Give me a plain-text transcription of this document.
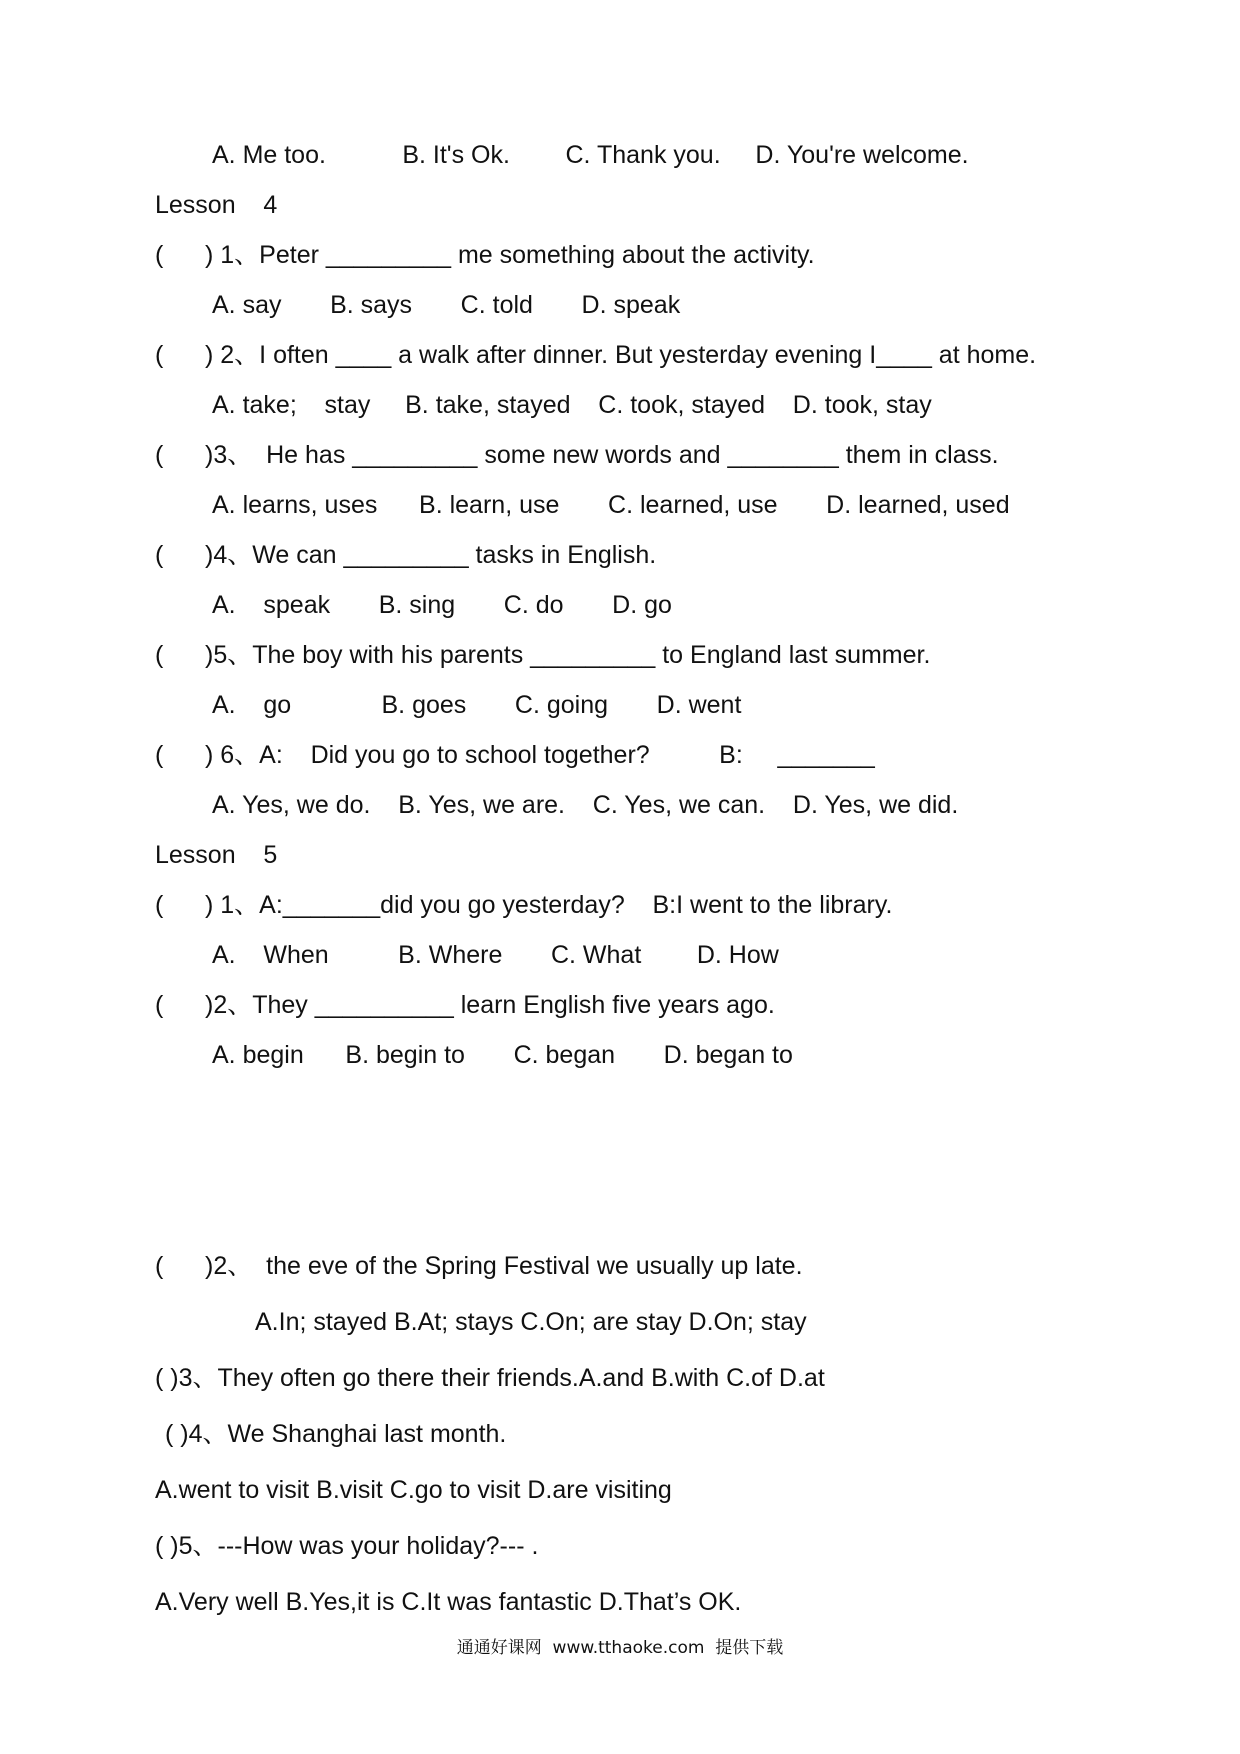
A. Me too.           B. It's Ok.        C. Thank you.     D. You're welcome.
Lesson    4
(      ) 1、Peter _________ me something about the activity.
A. say       B. says       C. told       D. speak
(      ) 2、I often ____ a walk after dinner. But yesterday evening I____ at home.
A. take;    stay     B. take, stayed    C. took, stayed    D. took, stay
(      )3、  He has _________ some new words and ________ them in class.
A. learns, uses      B. learn, use       C. learned, use       D. learned, used
(      )4、We can _________ tasks in English.
A.    speak       B. sing       C. do       D. go
(      )5、The boy with his parents _________ to England last summer.
A.    go             B. goes       C. going       D. went
(      ) 6、A:    Did you go to school together?          B:     _______
A. Yes, we do.    B. Yes, we are.    C. Yes, we can.    D. Yes, we did.
Lesson    5
(      ) 1、A:_______did you go yesterday?    B:I went to the library.
A.    When          B. Where       C. What        D. How
(      )2、They __________ learn English five years ago.
A. begin      B. begin to       C. began       D. began to
(      )2、  the eve of the Spring Festival we usually up late.
A.In; stayed B.At; stays C.On; are stay D.On; stay
( )3、They often go there their friends.A.and B.with C.of D.at
( )4、We Shanghai last month.
A.went to visit B.visit C.go to visit D.are visiting
( )5、---How was your holiday?--- .
A.Very well B.Yes,it is C.It was fantastic D.That’s OK.
通通好课网  www.tthaoke.com  提供下载
